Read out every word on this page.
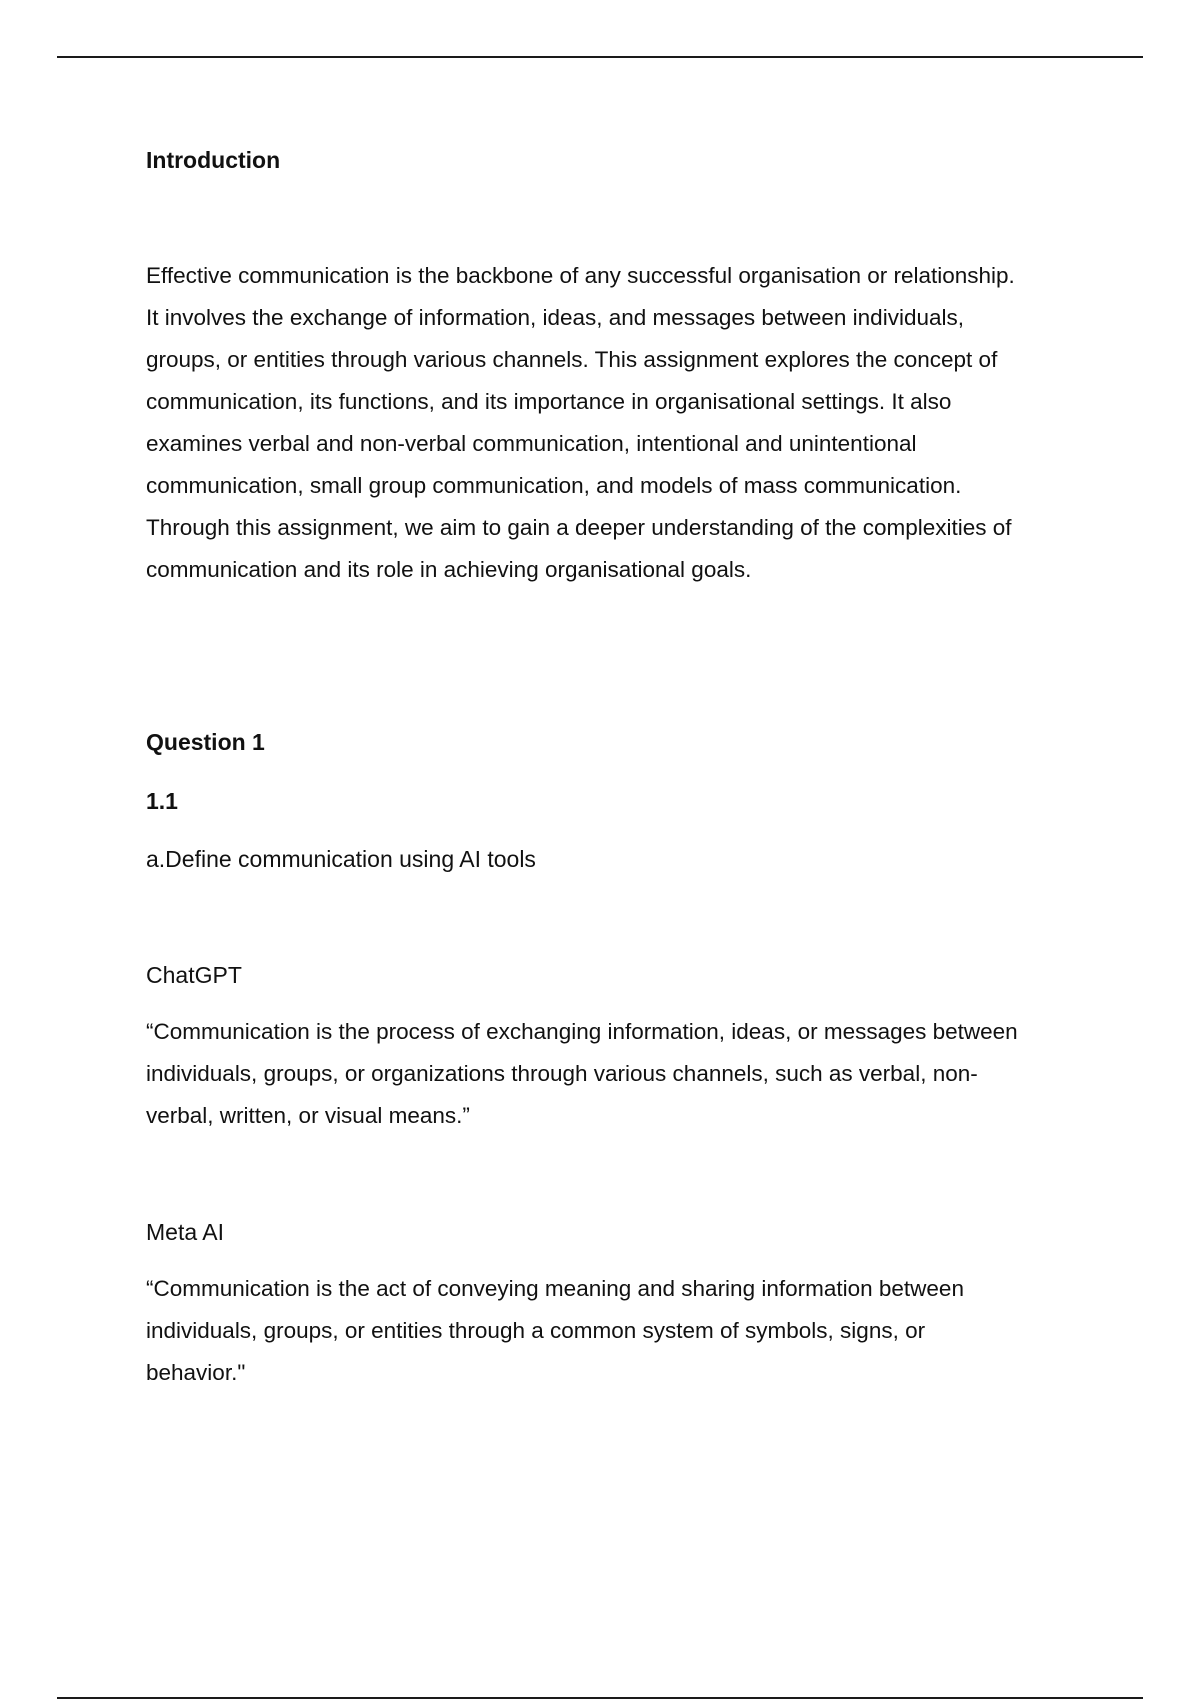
Introduction
Effective communication is the backbone of any successful organisation or relationship.
It involves the exchange of information, ideas, and messages between individuals,
groups, or entities through various channels. This assignment explores the concept of
communication, its functions, and its importance in organisational settings. It also
examines verbal and non-verbal communication, intentional and unintentional
communication, small group communication, and models of mass communication.
Through this assignment, we aim to gain a deeper understanding of the complexities of
communication and its role in achieving organisational goals.
Question 1
1.1

a.Define communication using AI tools

ChatGPT

“Communication is the process of exchanging information, ideas, or messages between
individuals, groups, or organizations through various channels, such as verbal, non-
verbal, written, or visual means.”

Meta AI

“Communication is the act of conveying meaning and sharing information between
individuals, groups, or entities through a common system of symbols, signs, or
behavior."
